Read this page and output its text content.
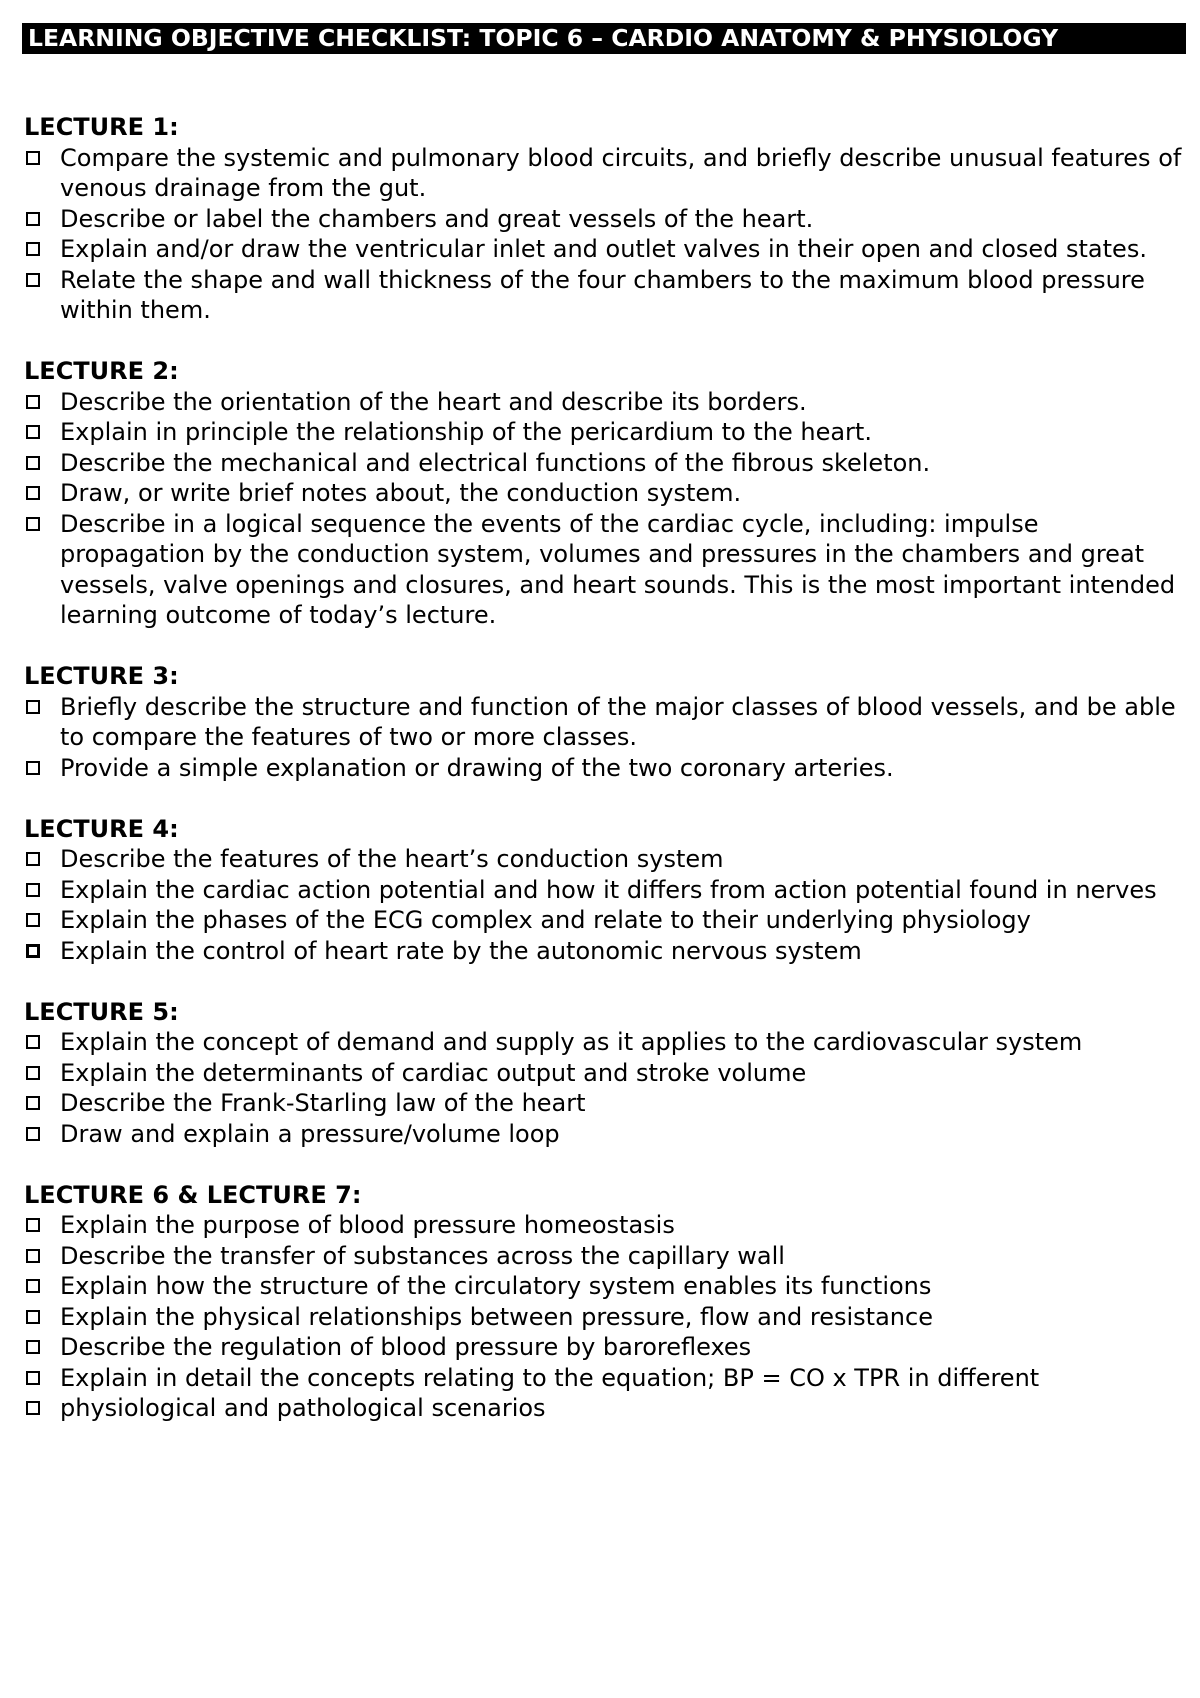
LEARNING OBJECTIVE CHECKLIST: TOPIC 6 – CARDIO ANATOMY & PHYSIOLOGY
LECTURE 1:
Compare the systemic and pulmonary blood circuits, and briefly describe unusual features of venous drainage from the gut.
Describe or label the chambers and great vessels of the heart.
Explain and/or draw the ventricular inlet and outlet valves in their open and closed states.
Relate the shape and wall thickness of the four chambers to the maximum blood pressure within them.
LECTURE 2:
Describe the orientation of the heart and describe its borders.
Explain in principle the relationship of the pericardium to the heart.
Describe the mechanical and electrical functions of the fibrous skeleton.
Draw, or write brief notes about, the conduction system.
Describe in a logical sequence the events of the cardiac cycle, including: impulse propagation by the conduction system, volumes and pressures in the chambers and great vessels, valve openings and closures, and heart sounds. This is the most important intended learning outcome of today’s lecture.
LECTURE 3:
Briefly describe the structure and function of the major classes of blood vessels, and be able to compare the features of two or more classes.
Provide a simple explanation or drawing of the two coronary arteries.
LECTURE 4:
Describe the features of the heart’s conduction system
Explain the cardiac action potential and how it differs from action potential found in nerves
Explain the phases of the ECG complex and relate to their underlying physiology
Explain the control of heart rate by the autonomic nervous system
LECTURE 5:
Explain the concept of demand and supply as it applies to the cardiovascular system
Explain the determinants of cardiac output and stroke volume
Describe the Frank-Starling law of the heart
Draw and explain a pressure/volume loop
LECTURE 6 & LECTURE 7:
Explain the purpose of blood pressure homeostasis
Describe the transfer of substances across the capillary wall
Explain how the structure of the circulatory system enables its functions
Explain the physical relationships between pressure, flow and resistance
Describe the regulation of blood pressure by baroreflexes
Explain in detail the concepts relating to the equation; BP = CO x TPR in different
physiological and pathological scenarios
